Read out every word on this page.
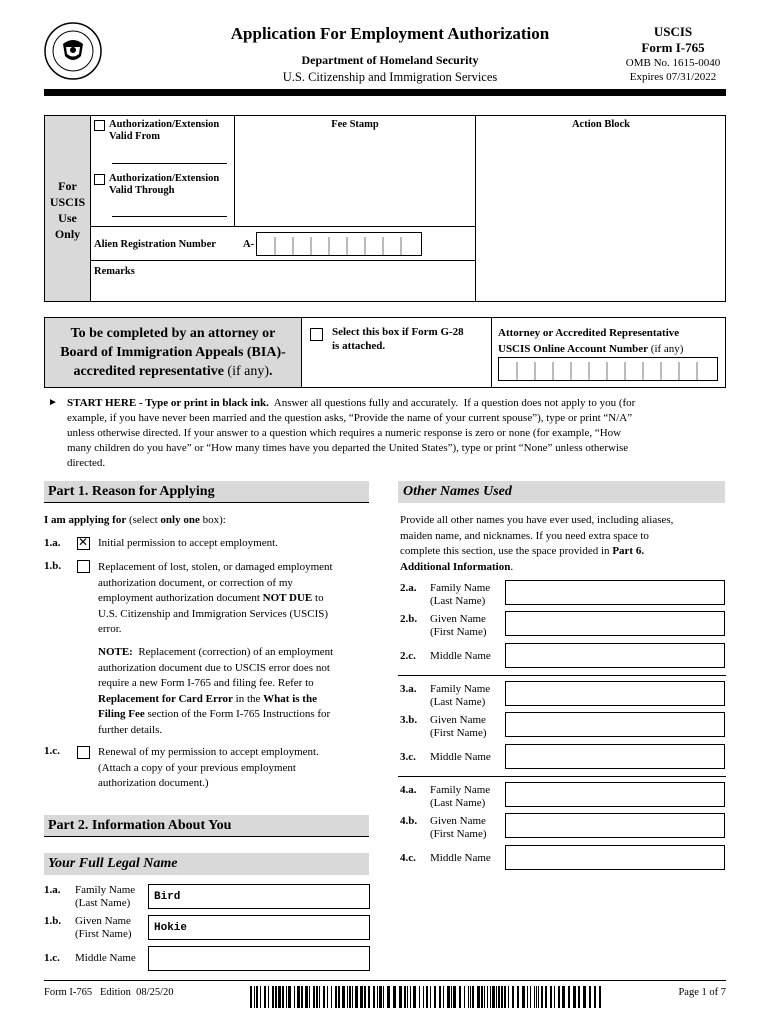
Application For Employment Authorization
Department of Homeland Security
U.S. Citizenship and Immigration Services
USCIS
Form I-765
OMB No. 1615-0040
Expires 07/31/2022
For
USCIS
Use
Only
Authorization/Extension
Valid From
Authorization/Extension
Valid Through
Fee Stamp	Action Block
Alien Registration Number	A-
Remarks
To be completed by an attorney or
Board of Immigration Appeals (BIA)-
accredited representative (if any).
Select this box if Form G-28
is attached.
Attorney or Accredited Representative
USCIS Online Account Number (if any)
► START HERE - Type or print in black ink.  Answer all questions fully and accurately.  If a question does not apply to you (for
example, if you have never been married and the question asks, “Provide the name of your current spouse”), type or print “N/A”
unless otherwise directed. If your answer to a question which requires a numeric response is zero or none (for example, “How
many children do you have” or “How many times have you departed the United States”), type or print “None” unless otherwise
directed.
Part 1. Reason for Applying
I am applying for (select only one box):
1.a. ✕ Initial permission to accept employment.
1.b.	Replacement of lost, stolen, or damaged employment
authorization document, or correction of my
employment authorization document NOT DUE to
U.S. Citizenship and Immigration Services (USCIS)
error.
NOTE:  Replacement (correction) of an employment
authorization document due to USCIS error does not
require a new Form I-765 and filing fee. Refer to
Replacement for Card Error in the What is the
Filing Fee section of the Form I-765 Instructions for
further details.
1.c.	Renewal of my permission to accept employment.
(Attach a copy of your previous employment
authorization document.)
Part 2. Information About You
Your Full Legal Name
1.a. Family Name
(Last Name)	Bird
1.b. Given Name
(First Name) Hokie
1.c. Middle Name
Other Names Used
Provide all other names you have ever used, including aliases,
maiden name, and nicknames. If you need extra space to
complete this section, use the space provided in Part 6.
Additional Information.
2.a. Family Name
(Last Name)
2.b. Given Name
(First Name)
2.c. Middle Name
3.a. Family Name
(Last Name)
3.b. Given Name
(First Name)
3.c. Middle Name
4.a. Family Name
(Last Name)
4.b. Given Name
(First Name)
4.c. Middle Name
Form I-765   Edition  08/25/20	Page 1 of 7
